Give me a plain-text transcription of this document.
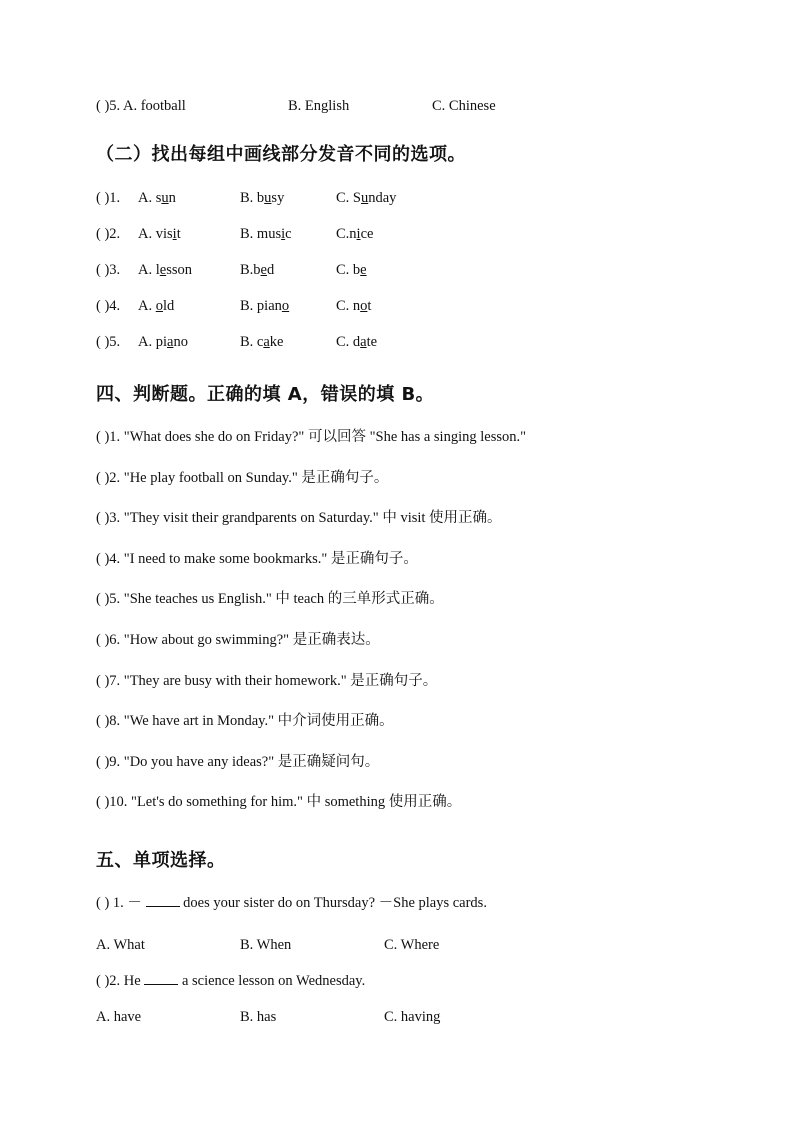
( )5. A. football	B. English	C. Chinese
（二）找出每组中画线部分发音不同的选项。
( )1. A. sun	B. busy	C. Sunday
( )2. A. visit	B. music	C.nice
( )3. A. lesson	B.bed	C. be
( )4. A. old	B. piano	C. not
( )5. A. piano	B. cake	C. date
四、判断题。正确的填 A，错误的填 B。
( )1. "What does she do on Friday?" 可以回答 "She has a singing lesson."
( )2. "He play football on Sunday." 是正确句子。
( )3. "They visit their grandparents on Saturday." 中 visit 使用正确。
( )4. "I need to make some bookmarks." 是正确句子。
( )5. "She teaches us English." 中 teach 的三单形式正确。
( )6. "How about go swimming?" 是正确表达。
( )7. "They are busy with their homework." 是正确句子。
( )8. "We have art in Monday." 中介词使用正确。
( )9. "Do you have any ideas?" 是正确疑问句。
( )10. "Let's do something for him." 中 something 使用正确。
五、单项选择。
( ) 1. －	does your sister do on Thursday? －She plays cards.
A. What	B. When	C. Where
( )2. He	a science lesson on Wednesday.
A. have	B. has	C. having
